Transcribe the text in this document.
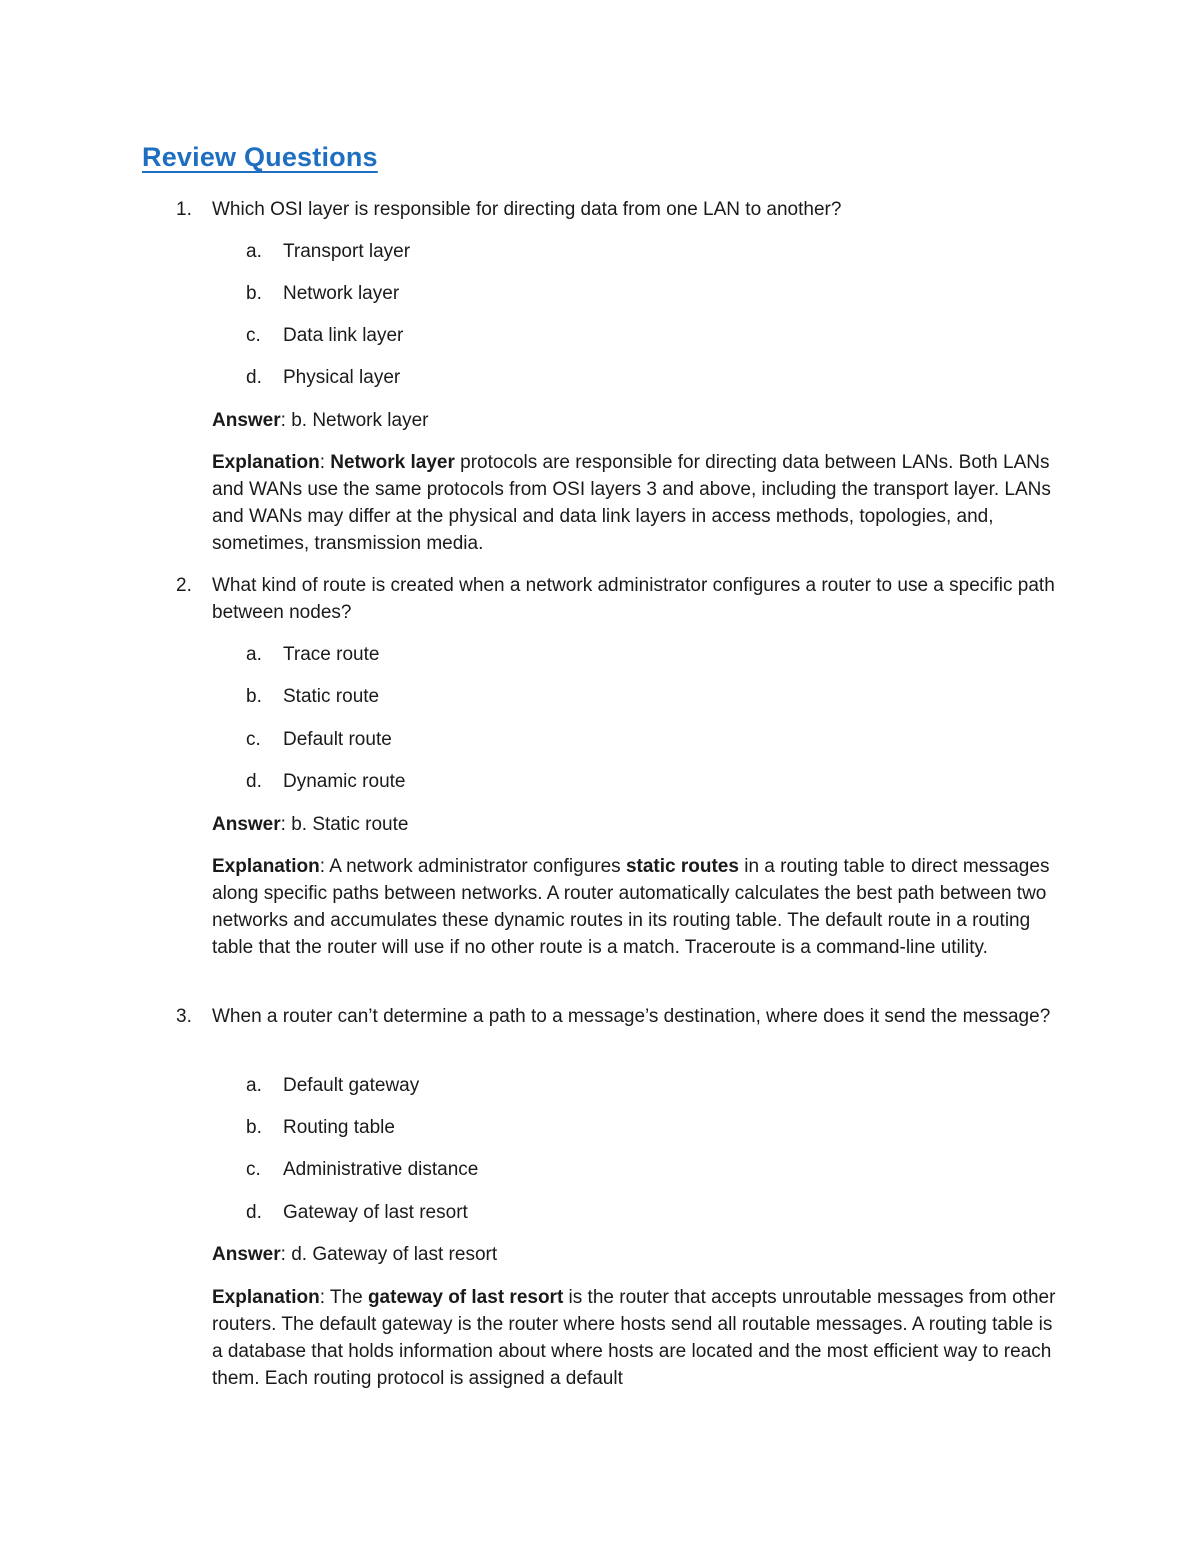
Review Questions
1. Which OSI layer is responsible for directing data from one LAN to another?
a. Transport layer
b. Network layer
c. Data link layer
d. Physical layer
Answer: b. Network layer
Explanation: Network layer protocols are responsible for directing data between LANs. Both LANs and WANs use the same protocols from OSI layers 3 and above, including the transport layer. LANs and WANs may differ at the physical and data link layers in access methods, topologies, and, sometimes, transmission media.
2. What kind of route is created when a network administrator configures a router to use a specific path between nodes?
a. Trace route
b. Static route
c. Default route
d. Dynamic route
Answer: b. Static route
Explanation: A network administrator configures static routes in a routing table to direct messages along specific paths between networks. A router automatically calculates the best path between two networks and accumulates these dynamic routes in its routing table. The default route in a routing table that the router will use if no other route is a match. Traceroute is a command-line utility.
3. When a router can’t determine a path to a message’s destination, where does it send the message?
a. Default gateway
b. Routing table
c. Administrative distance
d. Gateway of last resort
Answer: d. Gateway of last resort
Explanation: The gateway of last resort is the router that accepts unroutable messages from other routers. The default gateway is the router where hosts send all routable messages. A routing table is a database that holds information about where hosts are located and the most efficient way to reach them. Each routing protocol is assigned a default
